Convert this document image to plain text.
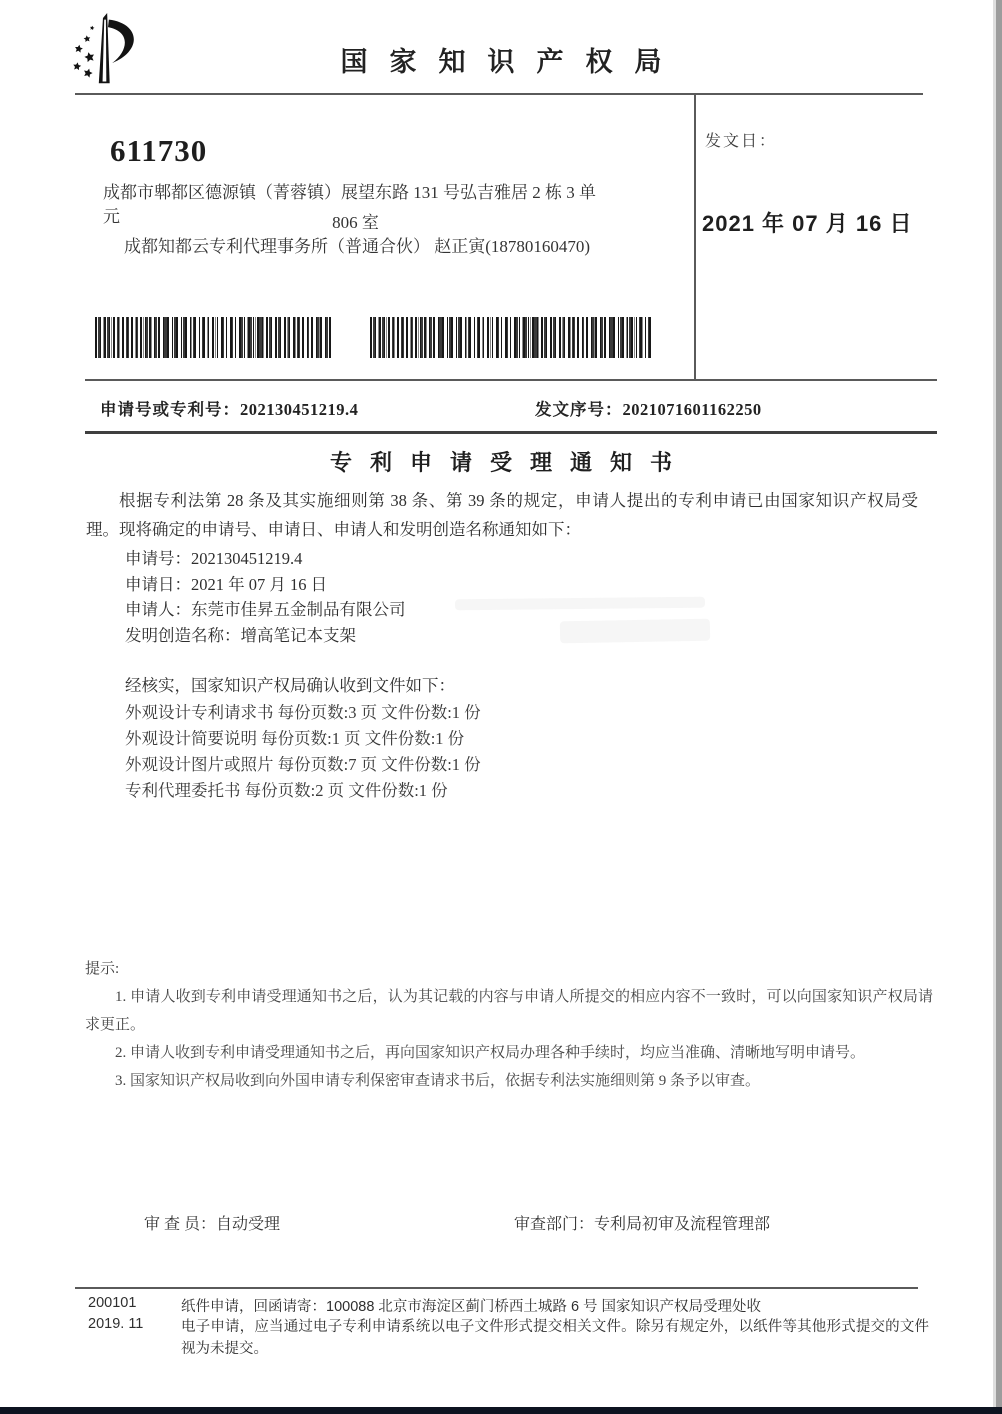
国家知识产权局
611730
成都市郫都区德源镇（菁蓉镇）展望东路 131 号弘吉雅居 2 栋 3 单元	806 室
成都知都云专利代理事务所（普通合伙） 赵正寅(18780160470)
发文日：
2021 年 07 月 16 日
申请号或专利号：202130451219.4	发文序号：2021071601162250
专利申请受理通知书
根据专利法第 28 条及其实施细则第 38 条、第 39 条的规定，申请人提出的专利申请已由国家知识产权局受理。现将确定的申请号、申请日、申请人和发明创造名称通知如下：
申请号：202130451219.4
申请日：2021 年 07 月 16 日
申请人：东莞市佳昇五金制品有限公司
发明创造名称：增高笔记本支架
经核实，国家知识产权局确认收到文件如下：
外观设计专利请求书 每份页数:3 页 文件份数:1 份
外观设计简要说明 每份页数:1 页 文件份数:1 份
外观设计图片或照片 每份页数:7 页 文件份数:1 份
专利代理委托书 每份页数:2 页 文件份数:1 份
提示:
1. 申请人收到专利申请受理通知书之后，认为其记载的内容与申请人所提交的相应内容不一致时，可以向国家知识产权局请求更正。
2. 申请人收到专利申请受理通知书之后，再向国家知识产权局办理各种手续时，均应当准确、清晰地写明申请号。
3. 国家知识产权局收到向外国申请专利保密审查请求书后，依据专利法实施细则第 9 条予以审查。
审 查 员：自动受理	审查部门：专利局初审及流程管理部
200101
2019. 11
纸件申请，回函请寄：100088 北京市海淀区蓟门桥西土城路 6 号 国家知识产权局受理处收
电子申请，应当通过电子专利申请系统以电子文件形式提交相关文件。除另有规定外，以纸件等其他形式提交的文件视为未提交。
